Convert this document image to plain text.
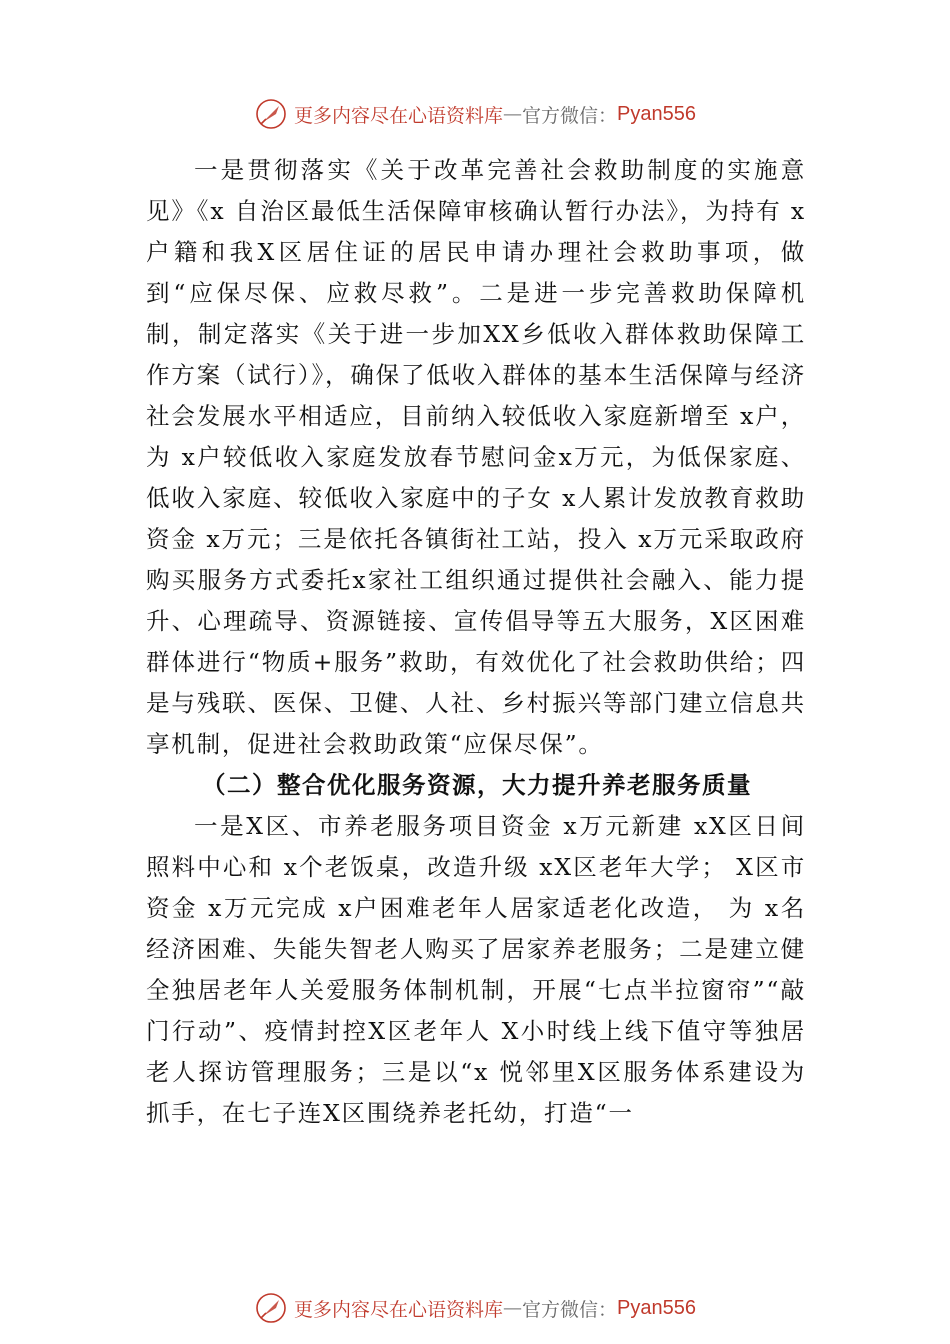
更多内容尽在心语资料库 — 官方微信： Pyan556

一是贯彻落实《关于改革完善社会救助制度的实施意见》《x 自治区最低生活保障审核确认暂行办法》，为持有 x户籍和我X区居住证的居民申请办理社会救助事项，做到“应保尽保、应救尽救”。二是进一步完善救助保障机制，制定落实《关于进一步加XX乡低收入群体救助保障工作方案（试行）》，确保了低收入群体的基本生活保障与经济社会发展水平相适应，目前纳入较低收入家庭新增至 x户，为 x户较低收入家庭发放春节慰问金x万元，为低保家庭、低收入家庭、较低收入家庭中的子女 x人累计发放教育救助资金 x万元；三是依托各镇街社工站，投入 x万元采取政府购买服务方式委托x家社工组织通过提供社会融入、能力提升、心理疏导、资源链接、宣传倡导等五大服务，X区困难群体进行“物质+服务”救助，有效优化了社会救助供给；四是与残联、医保、卫健、人社、乡村振兴等部门建立信息共享机制，促进社会救助政策“应保尽保”。

（二）整合优化服务资源，大力提升养老服务质量

一是X区、市养老服务项目资金 x万元新建 xX区日间照料中心和 x个老饭桌，改造升级 xX区老年大学； X区市资金 x万元完成 x户困难老年人居家适老化改造， 为 x名经济困难、失能失智老人购买了居家养老服务；二是建立健全独居老年人关爱服务体制机制，开展“七点半拉窗帘”“敲门行动”、疫情封控X区老年人 X小时线上线下值守等独居老人探访管理服务；三是以“x 悦邻里X区服务体系建设为抓手，在七子连X区围绕养老托幼，打造“一

更多内容尽在心语资料库 — 官方微信： Pyan556
